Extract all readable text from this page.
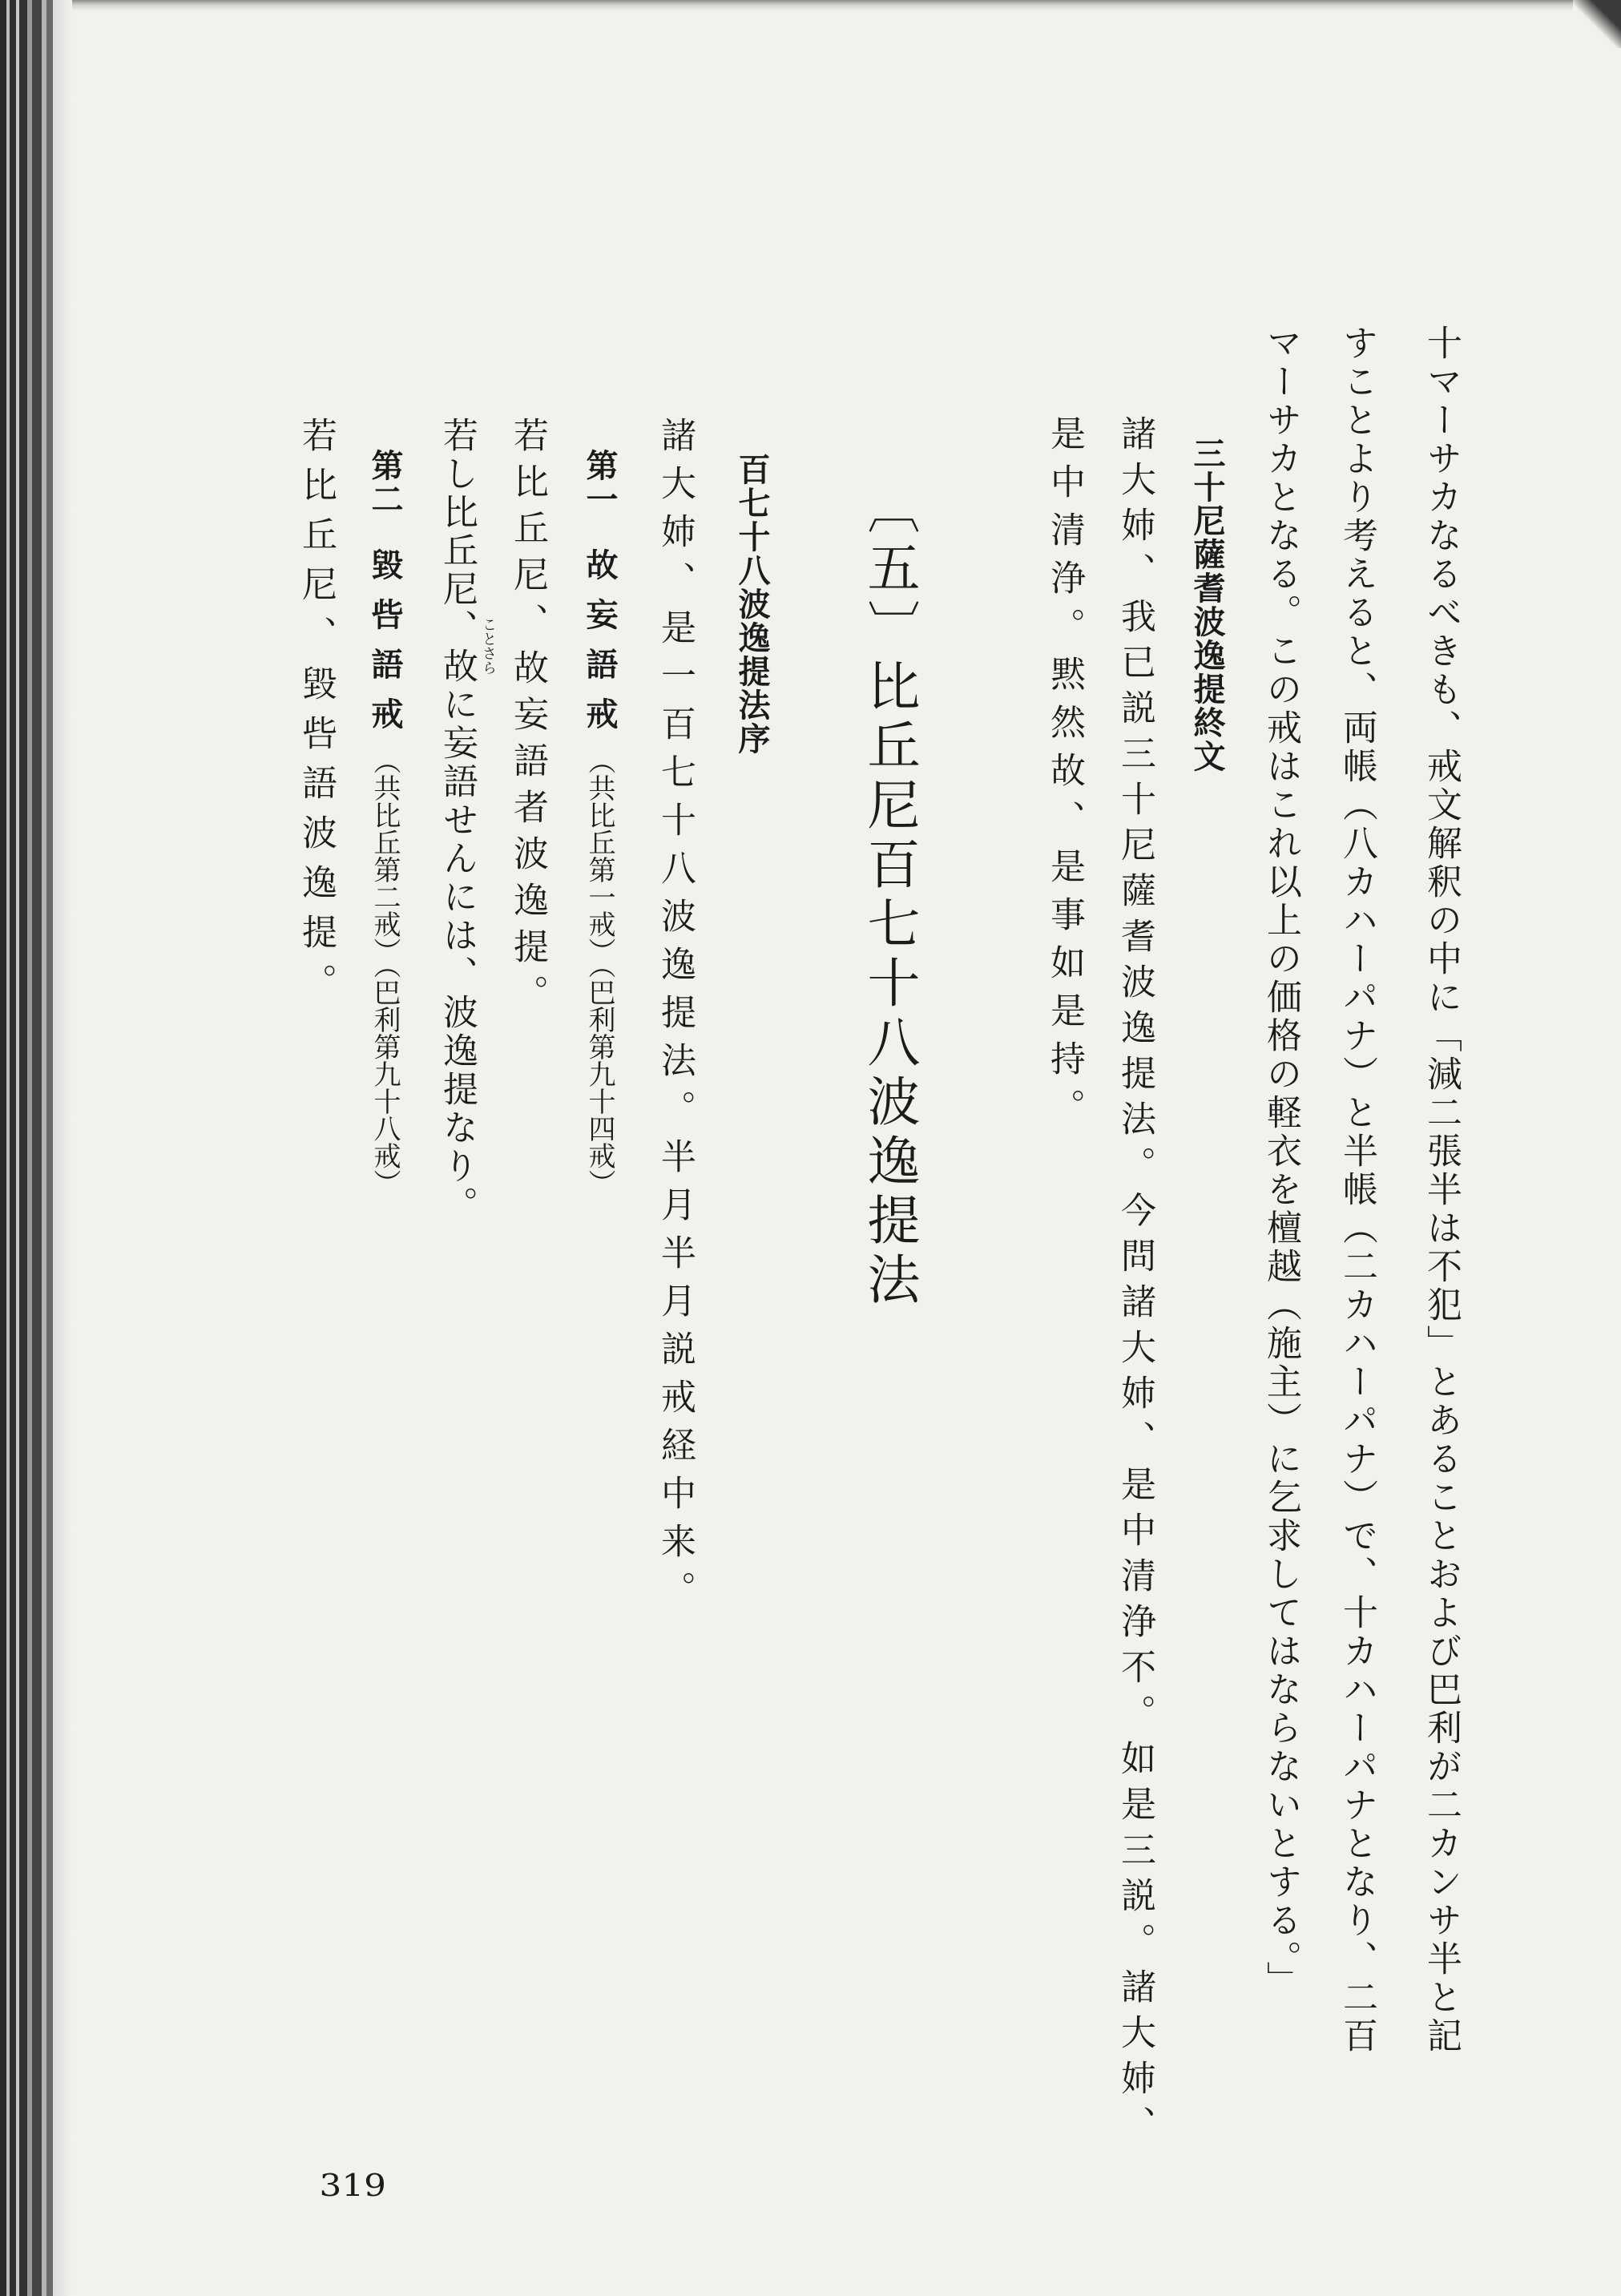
十マーサカなるべきも、戒文解釈の中に「減二張半は不犯」とあることおよび巴利が二カンサ半と記
すことより考えると、両帳（八カハーパナ）と半帳（二カハーパナ）で、十カハーパナとなり、二百
マーサカとなる。この戒はこれ以上の価格の軽衣を檀越（施主）に乞求してはならないとする。」
三十尼薩耆波逸提終文
諸大姉、我已説三十尼薩耆波逸提法。今問諸大姉、是中清浄不。如是三説。諸大姉、
是中清浄。黙然故、是事如是持。
〔五〕比丘尼百七十八波逸提法
百七十八波逸提法序
諸大姉、是一百七十八波逸提法。半月半月説戒経中来。
第一故妄語戒（共比丘第一戒）（巴利第九十四戒）
若比丘尼、故妄語者波逸提。
若し比丘尼、故に妄語せんには、波逸提なり。 ことさら
第二毀呰語戒（共比丘第二戒）（巴利第九十八戒）
若比丘尼、毀呰語波逸提。
319
